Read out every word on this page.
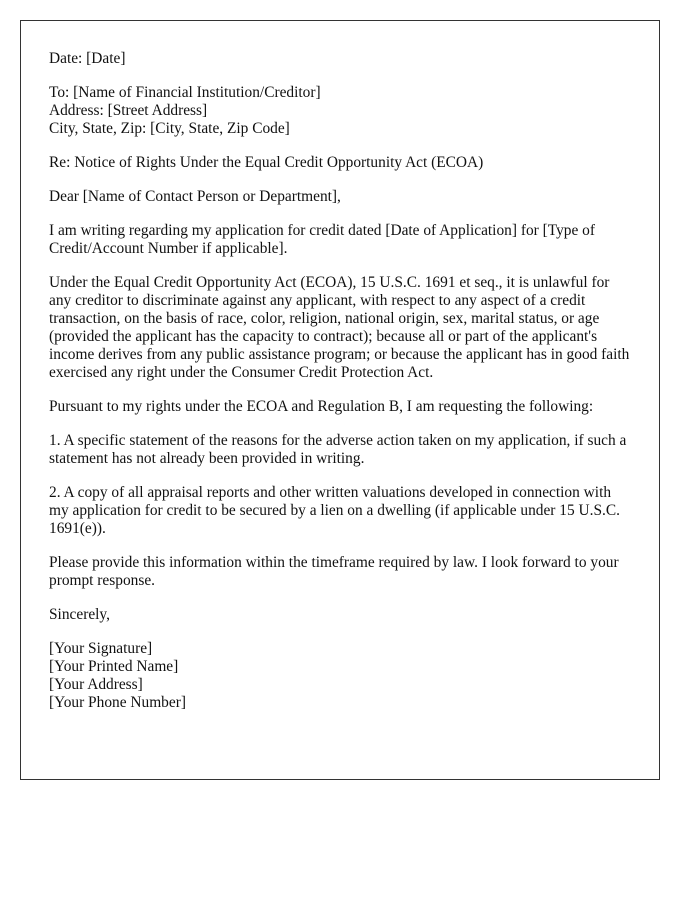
Date: [Date]

To: [Name of Financial Institution/Creditor]
Address: [Street Address]
City, State, Zip: [City, State, Zip Code]

Re: Notice of Rights Under the Equal Credit Opportunity Act (ECOA)

Dear [Name of Contact Person or Department],

I am writing regarding my application for credit dated [Date of Application] for [Type of Credit/Account Number if applicable].

Under the Equal Credit Opportunity Act (ECOA), 15 U.S.C. 1691 et seq., it is unlawful for any creditor to discriminate against any applicant, with respect to any aspect of a credit transaction, on the basis of race, color, religion, national origin, sex, marital status, or age (provided the applicant has the capacity to contract); because all or part of the applicant's income derives from any public assistance program; or because the applicant has in good faith exercised any right under the Consumer Credit Protection Act.

Pursuant to my rights under the ECOA and Regulation B, I am requesting the following:

1. A specific statement of the reasons for the adverse action taken on my application, if such a statement has not already been provided in writing.

2. A copy of all appraisal reports and other written valuations developed in connection with my application for credit to be secured by a lien on a dwelling (if applicable under 15 U.S.C. 1691(e)).

Please provide this information within the timeframe required by law. I look forward to your prompt response.

Sincerely,

[Your Signature]
[Your Printed Name]
[Your Address]
[Your Phone Number]
